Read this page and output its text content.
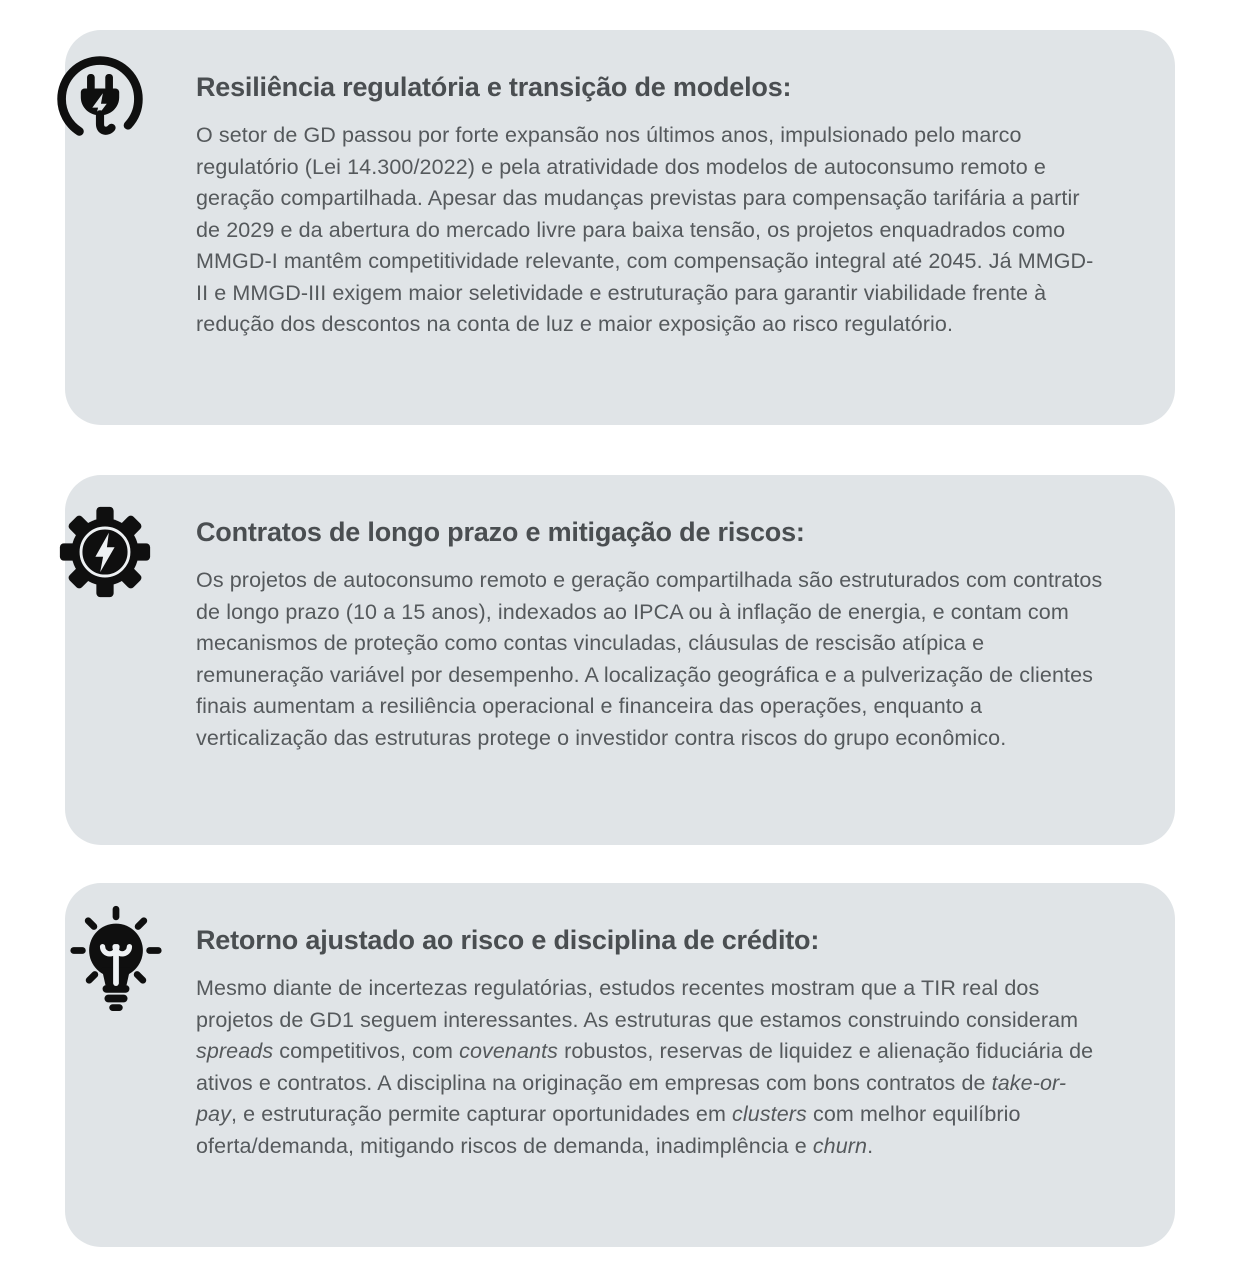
Resiliência regulatória e transição de modelos:

O setor de GD passou por forte expansão nos últimos anos, impulsionado pelo marco regulatório (Lei 14.300/2022) e pela atratividade dos modelos de autoconsumo remoto e geração compartilhada. Apesar das mudanças previstas para compensação tarifária a partir de 2029 e da abertura do mercado livre para baixa tensão, os projetos enquadrados como MMGD-I mantêm competitividade relevante, com compensação integral até 2045. Já MMGD-II e MMGD-III exigem maior seletividade e estruturação para garantir viabilidade frente à redução dos descontos na conta de luz e maior exposição ao risco regulatório.

Contratos de longo prazo e mitigação de riscos:

Os projetos de autoconsumo remoto e geração compartilhada são estruturados com contratos de longo prazo (10 a 15 anos), indexados ao IPCA ou à inflação de energia, e contam com mecanismos de proteção como contas vinculadas, cláusulas de rescisão atípica e remuneração variável por desempenho. A localização geográfica e a pulverização de clientes finais aumentam a resiliência operacional e financeira das operações, enquanto a verticalização das estruturas protege o investidor contra riscos do grupo econômico.

Retorno ajustado ao risco e disciplina de crédito:

Mesmo diante de incertezas regulatórias, estudos recentes mostram que a TIR real dos projetos de GD1 seguem interessantes. As estruturas que estamos construindo consideram spreads competitivos, com covenants robustos, reservas de liquidez e alienação fiduciária de ativos e contratos. A disciplina na originação em empresas com bons contratos de take-or-pay, e estruturação permite capturar oportunidades em clusters com melhor equilíbrio oferta/demanda, mitigando riscos de demanda, inadimplência e churn.
